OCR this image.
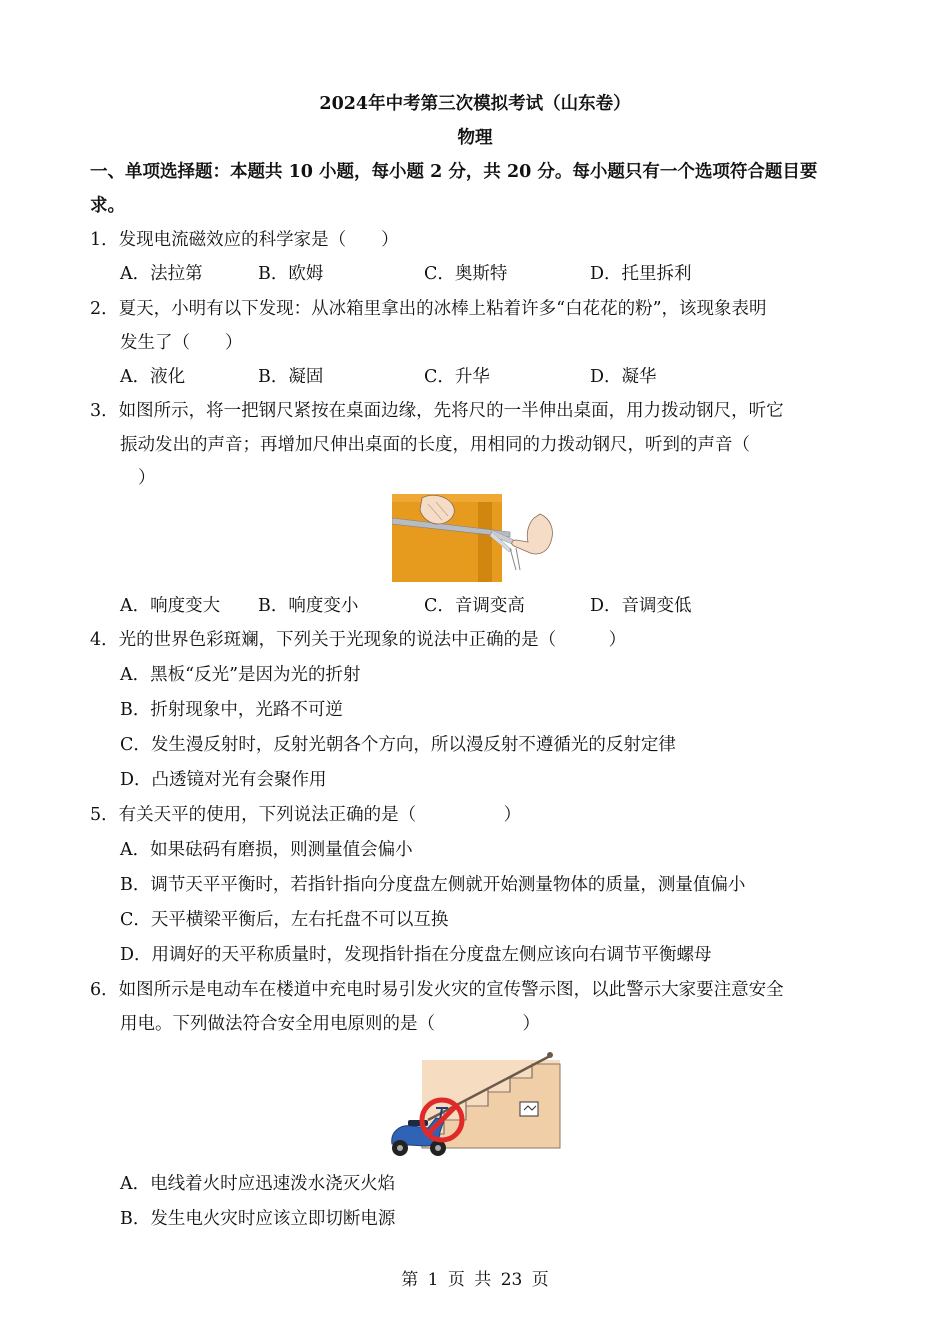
2024年中考第三次模拟考试（山东卷）
物理
一、单项选择题：本题共 10 小题，每小题 2 分，共 20 分。每小题只有一个选项符合题目要
求。
1．发现电流磁效应的科学家是（　　）
A．法拉第	B．欧姆	C．奥斯特	D．托里拆利
2．夏天，小明有以下发现：从冰箱里拿出的冰棒上粘着许多“白花花的粉”，该现象表明
发生了（　　）
A．液化	B．凝固	C．升华	D．凝华
3．如图所示，将一把钢尺紧按在桌面边缘，先将尺的一半伸出桌面，用力拨动钢尺，听它
振动发出的声音；再增加尺伸出桌面的长度，用相同的力拨动钢尺，听到的声音（
）
A．响度变大 B．响度变小	C．音调变高	D．音调变低
4．光的世界色彩斑斓，下列关于光现象的说法中正确的是（　　　）
A．黑板“反光”是因为光的折射
B．折射现象中，光路不可逆
C．发生漫反射时，反射光朝各个方向，所以漫反射不遵循光的反射定律
D．凸透镜对光有会聚作用
5．有关天平的使用，下列说法正确的是（　　　　　）
A．如果砝码有磨损，则测量值会偏小
B．调节天平平衡时，若指针指向分度盘左侧就开始测量物体的质量，测量值偏小
C．天平横梁平衡后，左右托盘不可以互换
D．用调好的天平称质量时，发现指针指在分度盘左侧应该向右调节平衡螺母
6．如图所示是电动车在楼道中充电时易引发火灾的宣传警示图，以此警示大家要注意安全
用电。下列做法符合安全用电原则的是（　　　　　）
A．电线着火时应迅速泼水浇灭火焰
B．发生电火灾时应该立即切断电源
第 1 页 共 23 页
